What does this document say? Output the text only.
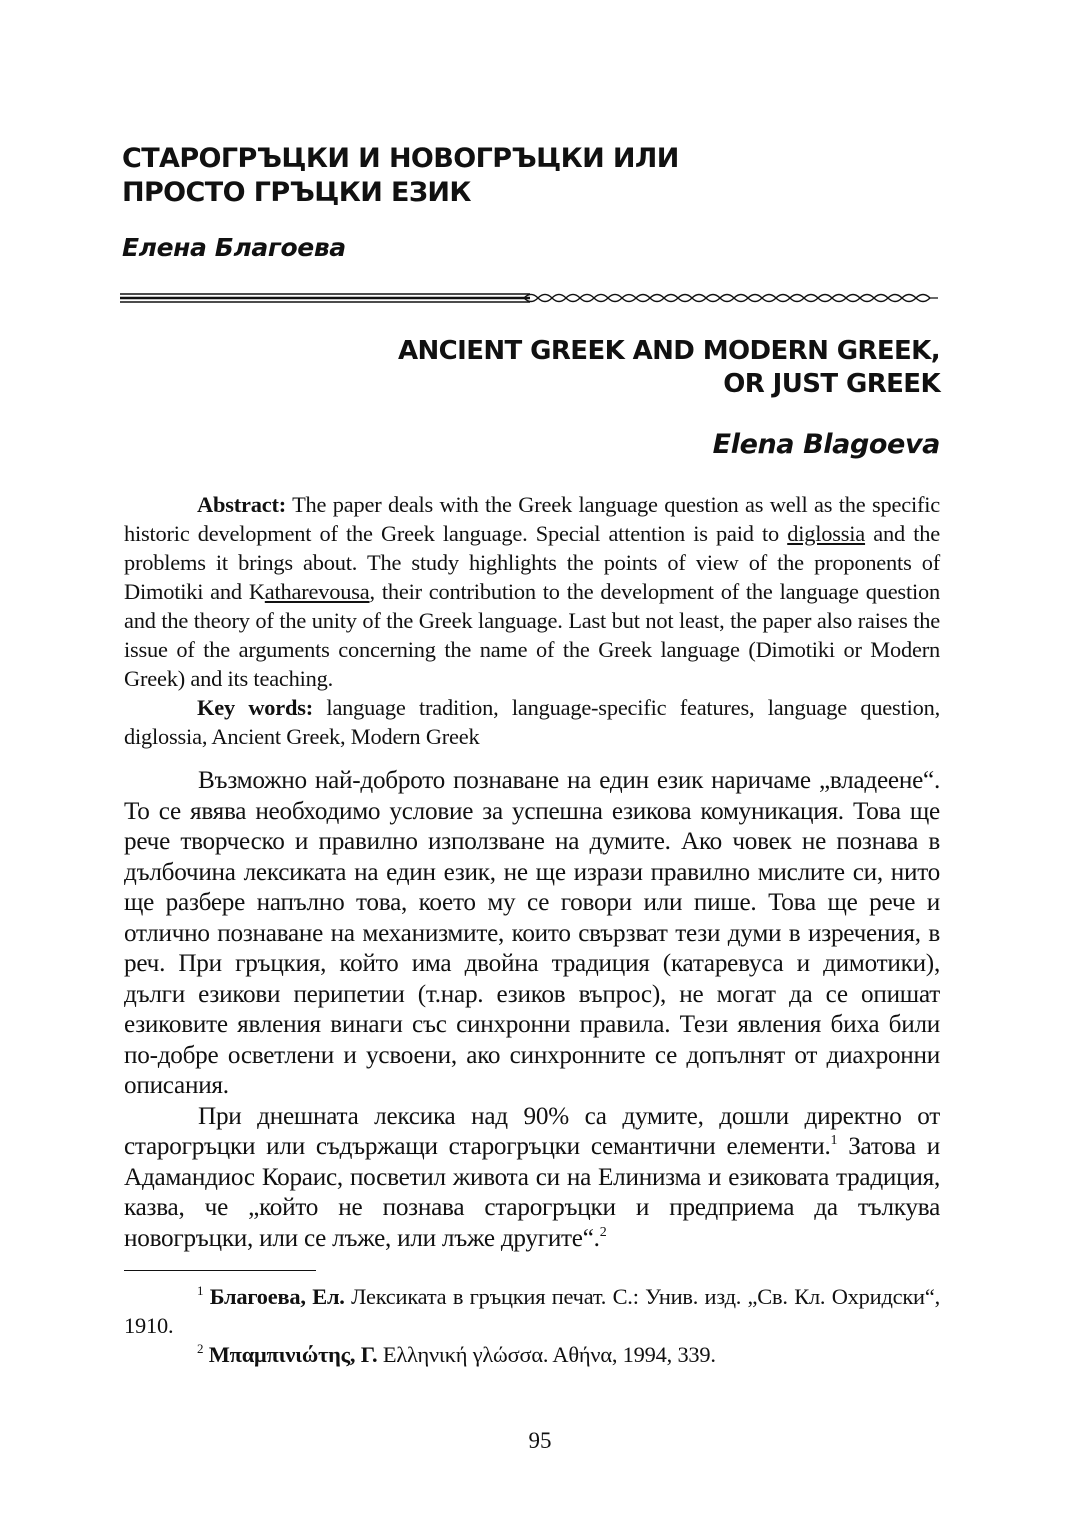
СТАРОГРЪЦКИ И НОВОГРЪЦКИ ИЛИ
ПРОСТО ГРЪЦКИ ЕЗИК
Елена Благоева
ANCIENT GREEK AND MODERN GREEK,
OR JUST GREEK
Elena Blagoeva

Abstract: The paper deals with the Greek language question as well as the specific historic development of the Greek language. Special attention is paid to diglossia and the problems it brings about. The study highlights the points of view of the proponents of Dimotiki and Katharevousa, their contribution to the development of the language question and the theory of the unity of the Greek language. Last but not least, the paper also raises the issue of the arguments concerning the name of the Greek language (Dimotiki or Modern Greek) and its teaching.

Key words: language tradition, language-specific features, language question, diglossia, Ancient Greek, Modern Greek

Възможно най-доброто познаване на един език наричаме „владеене“. То се явява необходимо условие за успешна езикова комуникация. Това ще рече творческо и правилно използване на думите. Ако човек не познава в дълбочина лексиката на един език, не ще изрази правилно мислите си, нито ще разбере напълно това, което му се говори или пише. Това ще рече и отлично познаване на механизмите, които свързват тези думи в изречения, в реч. При гръцкия, който има двойна традиция (катаревуса и димотики), дълги езикови перипетии (т.нар. езиков въпрос), не могат да се опишат езиковите явления винаги със синхронни правила. Тези явления биха били по-добре осветлени и усвоени, ако синхронните се допълнят от диахронни описания.

При днешната лексика над 90% са думите, дошли директно от старогръцки или съдържащи старогръцки семантични елементи.$^1$ Затова и Адамандиос Кораис, посветил живота си на Елинизма и езиковата традиция, казва, че „който не познава старогръцки и предприема да тълкува новогръцки, или се лъже, или лъже другите“.$^2$

$^1$ Благоева, Ел. Лексиката в гръцкия печат. С.: Унив. изд. „Св. Кл. Охридски“, 1910.

$^2$ Μπαμπινιώτης, Γ. Ελληνική γλώσσα. Αθήνα, 1994, 339.

95
